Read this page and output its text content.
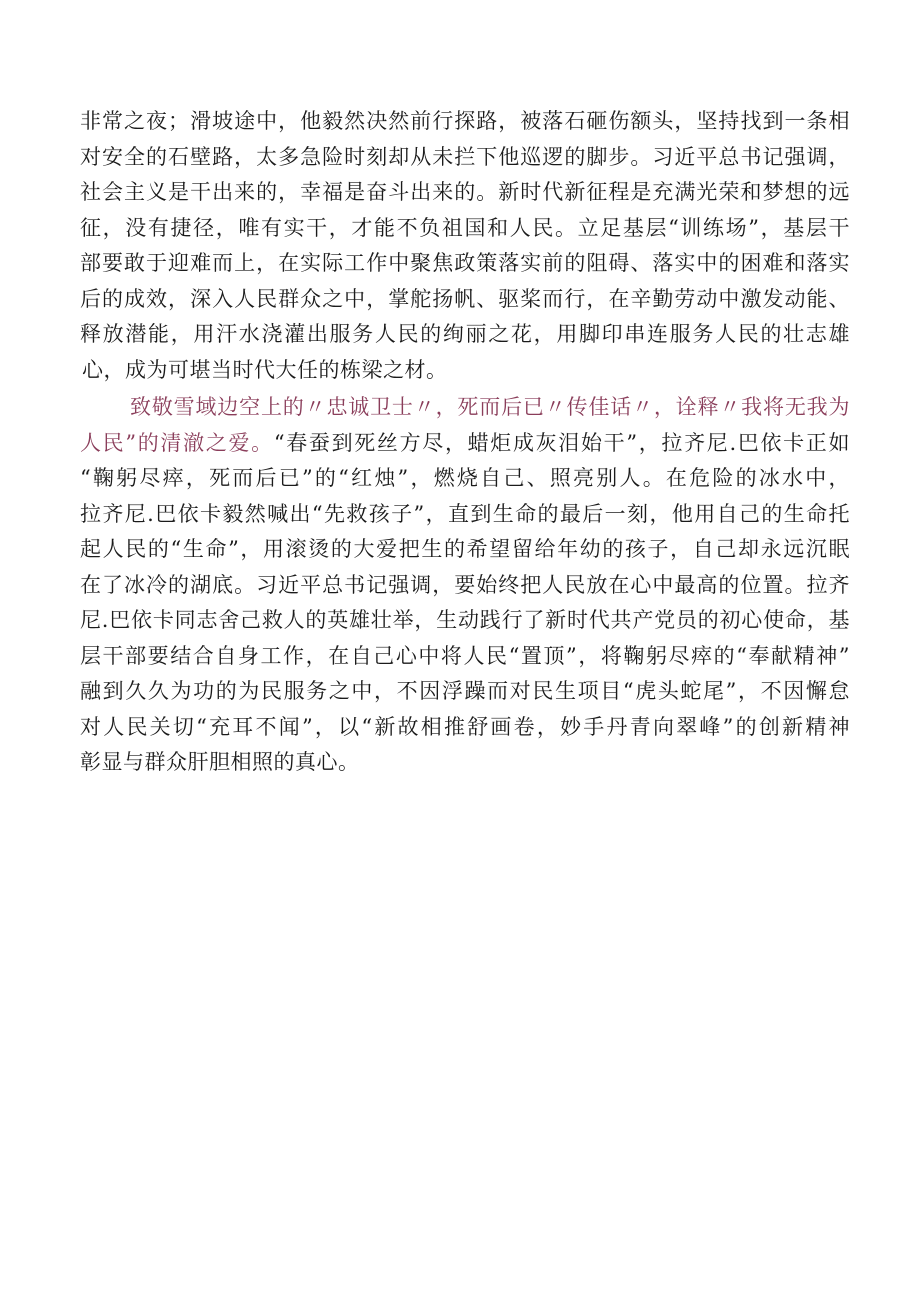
非常之夜；滑坡途中，他毅然决然前行探路，被落石砸伤额头，坚持找到一条相
对安全的石壁路，太多急险时刻却从未拦下他巡逻的脚步。习近平总书记强调，
社会主义是干出来的，幸福是奋斗出来的。新时代新征程是充满光荣和梦想的远
征，没有捷径，唯有实干，才能不负祖国和人民。立足基层“训练场”，基层干
部要敢于迎难而上，在实际工作中聚焦政策落实前的阻碍、落实中的困难和落实
后的成效，深入人民群众之中，掌舵扬帆、驱桨而行，在辛勤劳动中激发动能、
释放潜能，用汗水浇灌出服务人民的绚丽之花，用脚印串连服务人民的壮志雄
心，成为可堪当时代大任的栋梁之材。
致敬雪域边空上的〃忠诚卫士〃，死而后已〃传佳话〃，诠释〃我将无我为
人民”的清澈之爱。“春蚕到死丝方尽，蜡炬成灰泪始干”，拉齐尼.巴依卡正如
“鞠躬尽瘁，死而后已”的“红烛”，燃烧自己、照亮别人。在危险的冰水中，
拉齐尼.巴依卡毅然喊出“先救孩子”，直到生命的最后一刻，他用自己的生命托
起人民的“生命”，用滚烫的大爱把生的希望留给年幼的孩子，自己却永远沉眠
在了冰冷的湖底。习近平总书记强调，要始终把人民放在心中最高的位置。拉齐
尼.巴依卡同志舍己救人的英雄壮举，生动践行了新时代共产党员的初心使命，基
层干部要结合自身工作，在自己心中将人民“置顶”，将鞠躬尽瘁的“奉献精神”
融到久久为功的为民服务之中，不因浮躁而对民生项目“虎头蛇尾”，不因懈怠
对人民关切“充耳不闻”，以“新故相推舒画卷，妙手丹青向翠峰”的创新精神
彰显与群众肝胆相照的真心。
